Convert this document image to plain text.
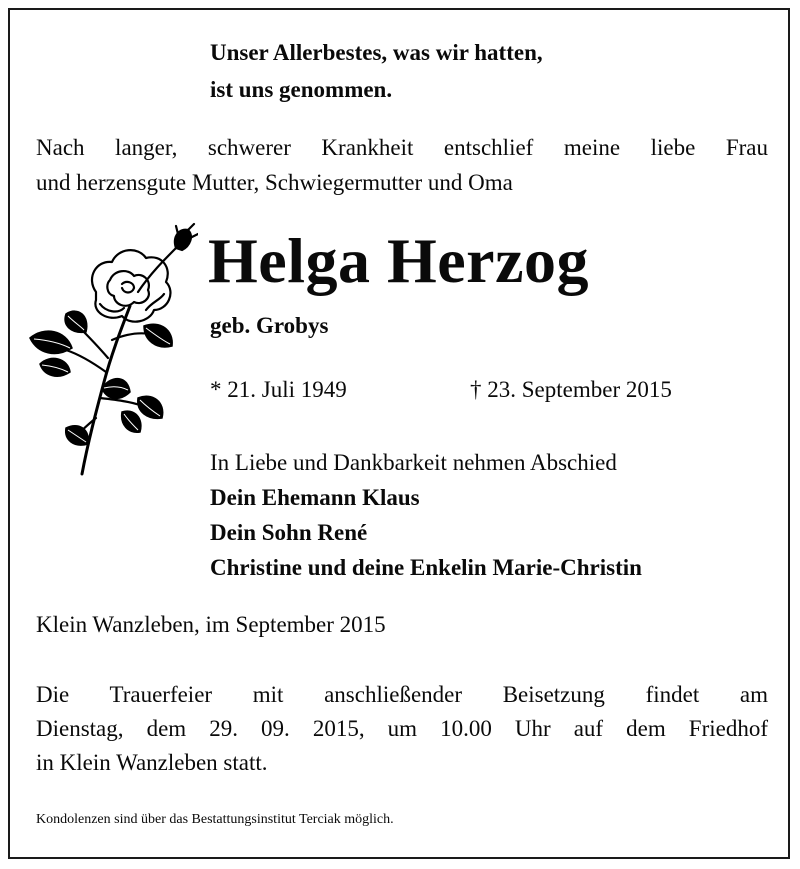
Unser Allerbestes, was wir hatten,
ist uns genommen.
Nach langer, schwerer Krankheit entschlief meine liebe Frau
und herzensgute Mutter, Schwiegermutter und Oma
Helga Herzog
geb. Grobys
* 21. Juli 1949	† 23. September 2015
In Liebe und Dankbarkeit nehmen Abschied
Dein Ehemann Klaus
Dein Sohn René
Christine und deine Enkelin Marie-Christin
Klein Wanzleben, im September 2015
Die Trauerfeier mit anschließender Beisetzung findet am
Dienstag, dem 29. 09. 2015, um 10.00 Uhr auf dem Friedhof
in Klein Wanzleben statt.
Kondolenzen sind über das Bestattungsinstitut Terciak möglich.
